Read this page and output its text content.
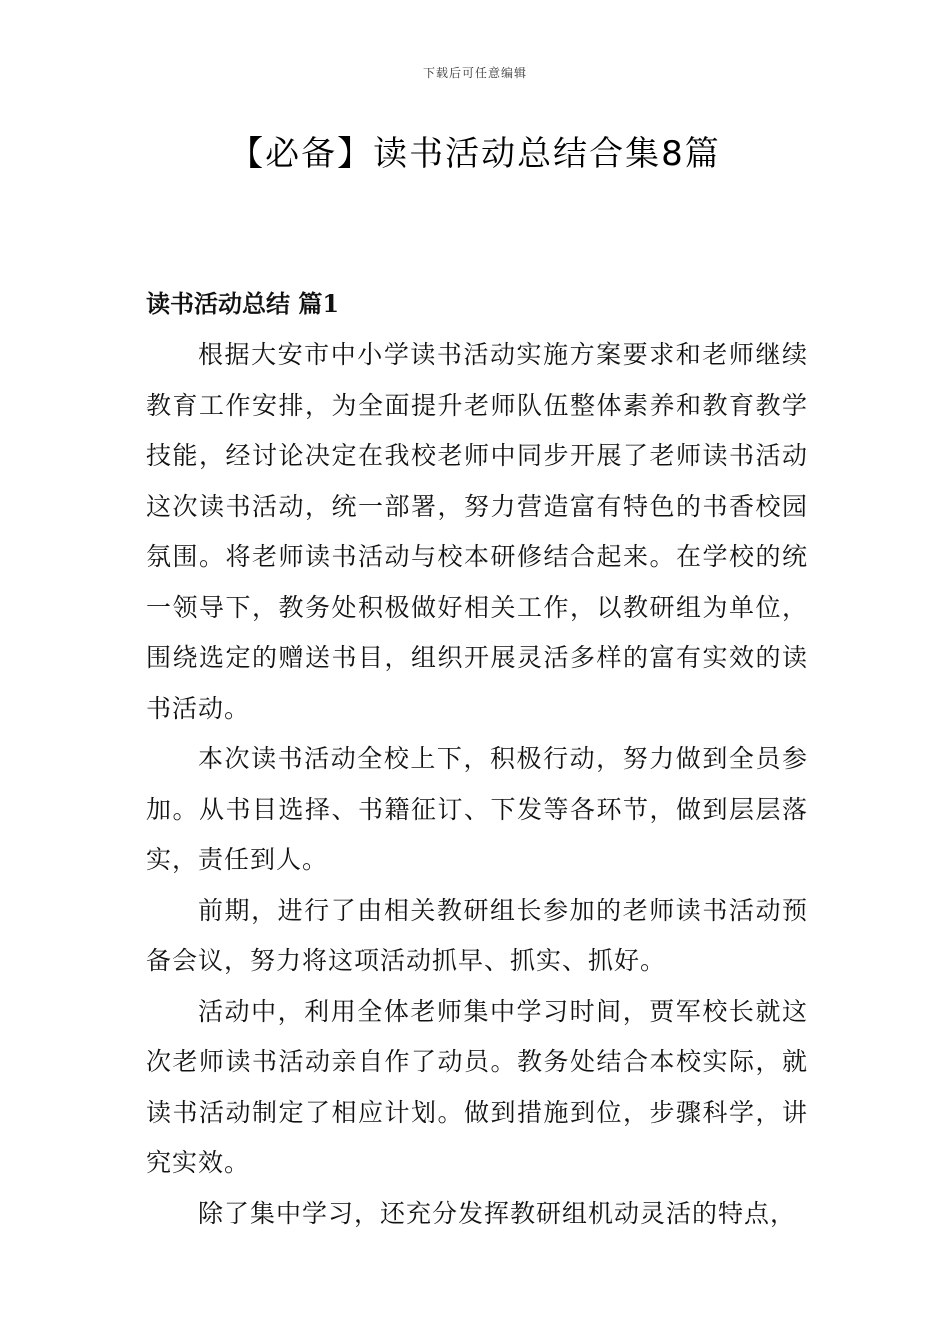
下载后可任意编辑
【必备】读书活动总结合集8篇
读书活动总结 篇1

根据大安市中小学读书活动实施方案要求和老师继续教育工作安排，为全面提升老师队伍整体素养和教育教学技能，经讨论决定在我校老师中同步开展了老师读书活动这次读书活动，统一部署，努力营造富有特色的书香校园氛围。将老师读书活动与校本研修结合起来。在学校的统一领导下，教务处积极做好相关工作，以教研组为单位，围绕选定的赠送书目，组织开展灵活多样的富有实效的读书活动。

本次读书活动全校上下，积极行动，努力做到全员参加。从书目选择、书籍征订、下发等各环节，做到层层落实，责任到人。

前期，进行了由相关教研组长参加的老师读书活动预备会议，努力将这项活动抓早、抓实、抓好。

活动中，利用全体老师集中学习时间，贾军校长就这次老师读书活动亲自作了动员。教务处结合本校实际，就读书活动制定了相应计划。做到措施到位，步骤科学，讲究实效。

除了集中学习，还充分发挥教研组机动灵活的特点，
